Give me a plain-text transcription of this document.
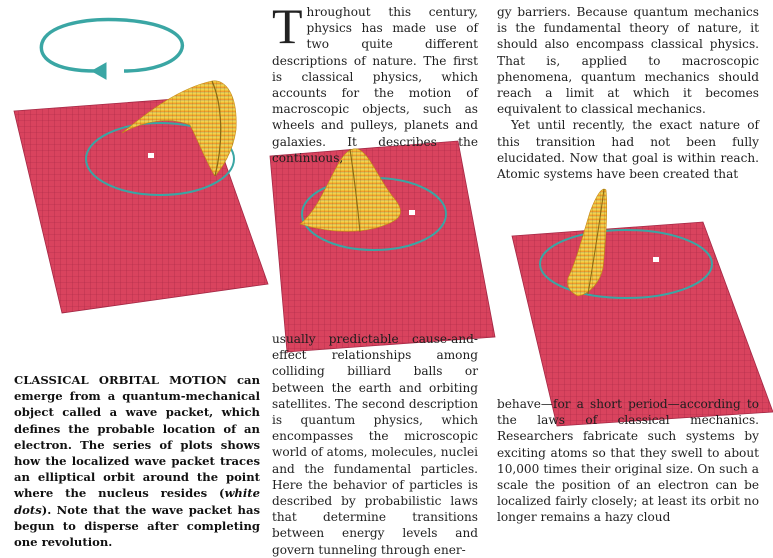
Throughout this century, physics has made use of two quite different descriptions of nature. The first is classical physics, which accounts for the motion of macroscopic objects, such as wheels and pulleys, planets and galaxies. It describes the continuous,

gy barriers. Because quantum mechanics is the fundamental theory of nature, it should also encompass classical physics. That is, applied to macroscopic phenomena, quantum mechanics should reach a limit at which it becomes equivalent to classical mechanics.

Yet until recently, the exact nature of this transition had not been fully elucidated. Now that goal is within reach. Atomic systems have been created that

usually predictable cause-and-effect relationships among colliding billiard balls or between the earth and orbiting satellites. The second description is quantum physics, which encompasses the microscopic world of atoms, molecules, nuclei and the fundamental particles. Here the behavior of particles is described by probabilistic laws that determine transitions between energy levels and govern tunneling through ener-

behave—for a short period—according to the laws of classical mechanics. Researchers fabricate such systems by exciting atoms so that they swell to about 10,000 times their original size. On such a scale the position of an electron can be localized fairly closely; at least its orbit no longer remains a hazy cloud

CLASSICAL ORBITAL MOTION can emerge from a quantum-mechanical object called a wave packet, which defines the probable location of an electron. The series of plots shows how the localized wave packet traces an elliptical orbit around the point where the nucleus resides (white dots). Note that the wave packet has begun to disperse after completing one revolution.
